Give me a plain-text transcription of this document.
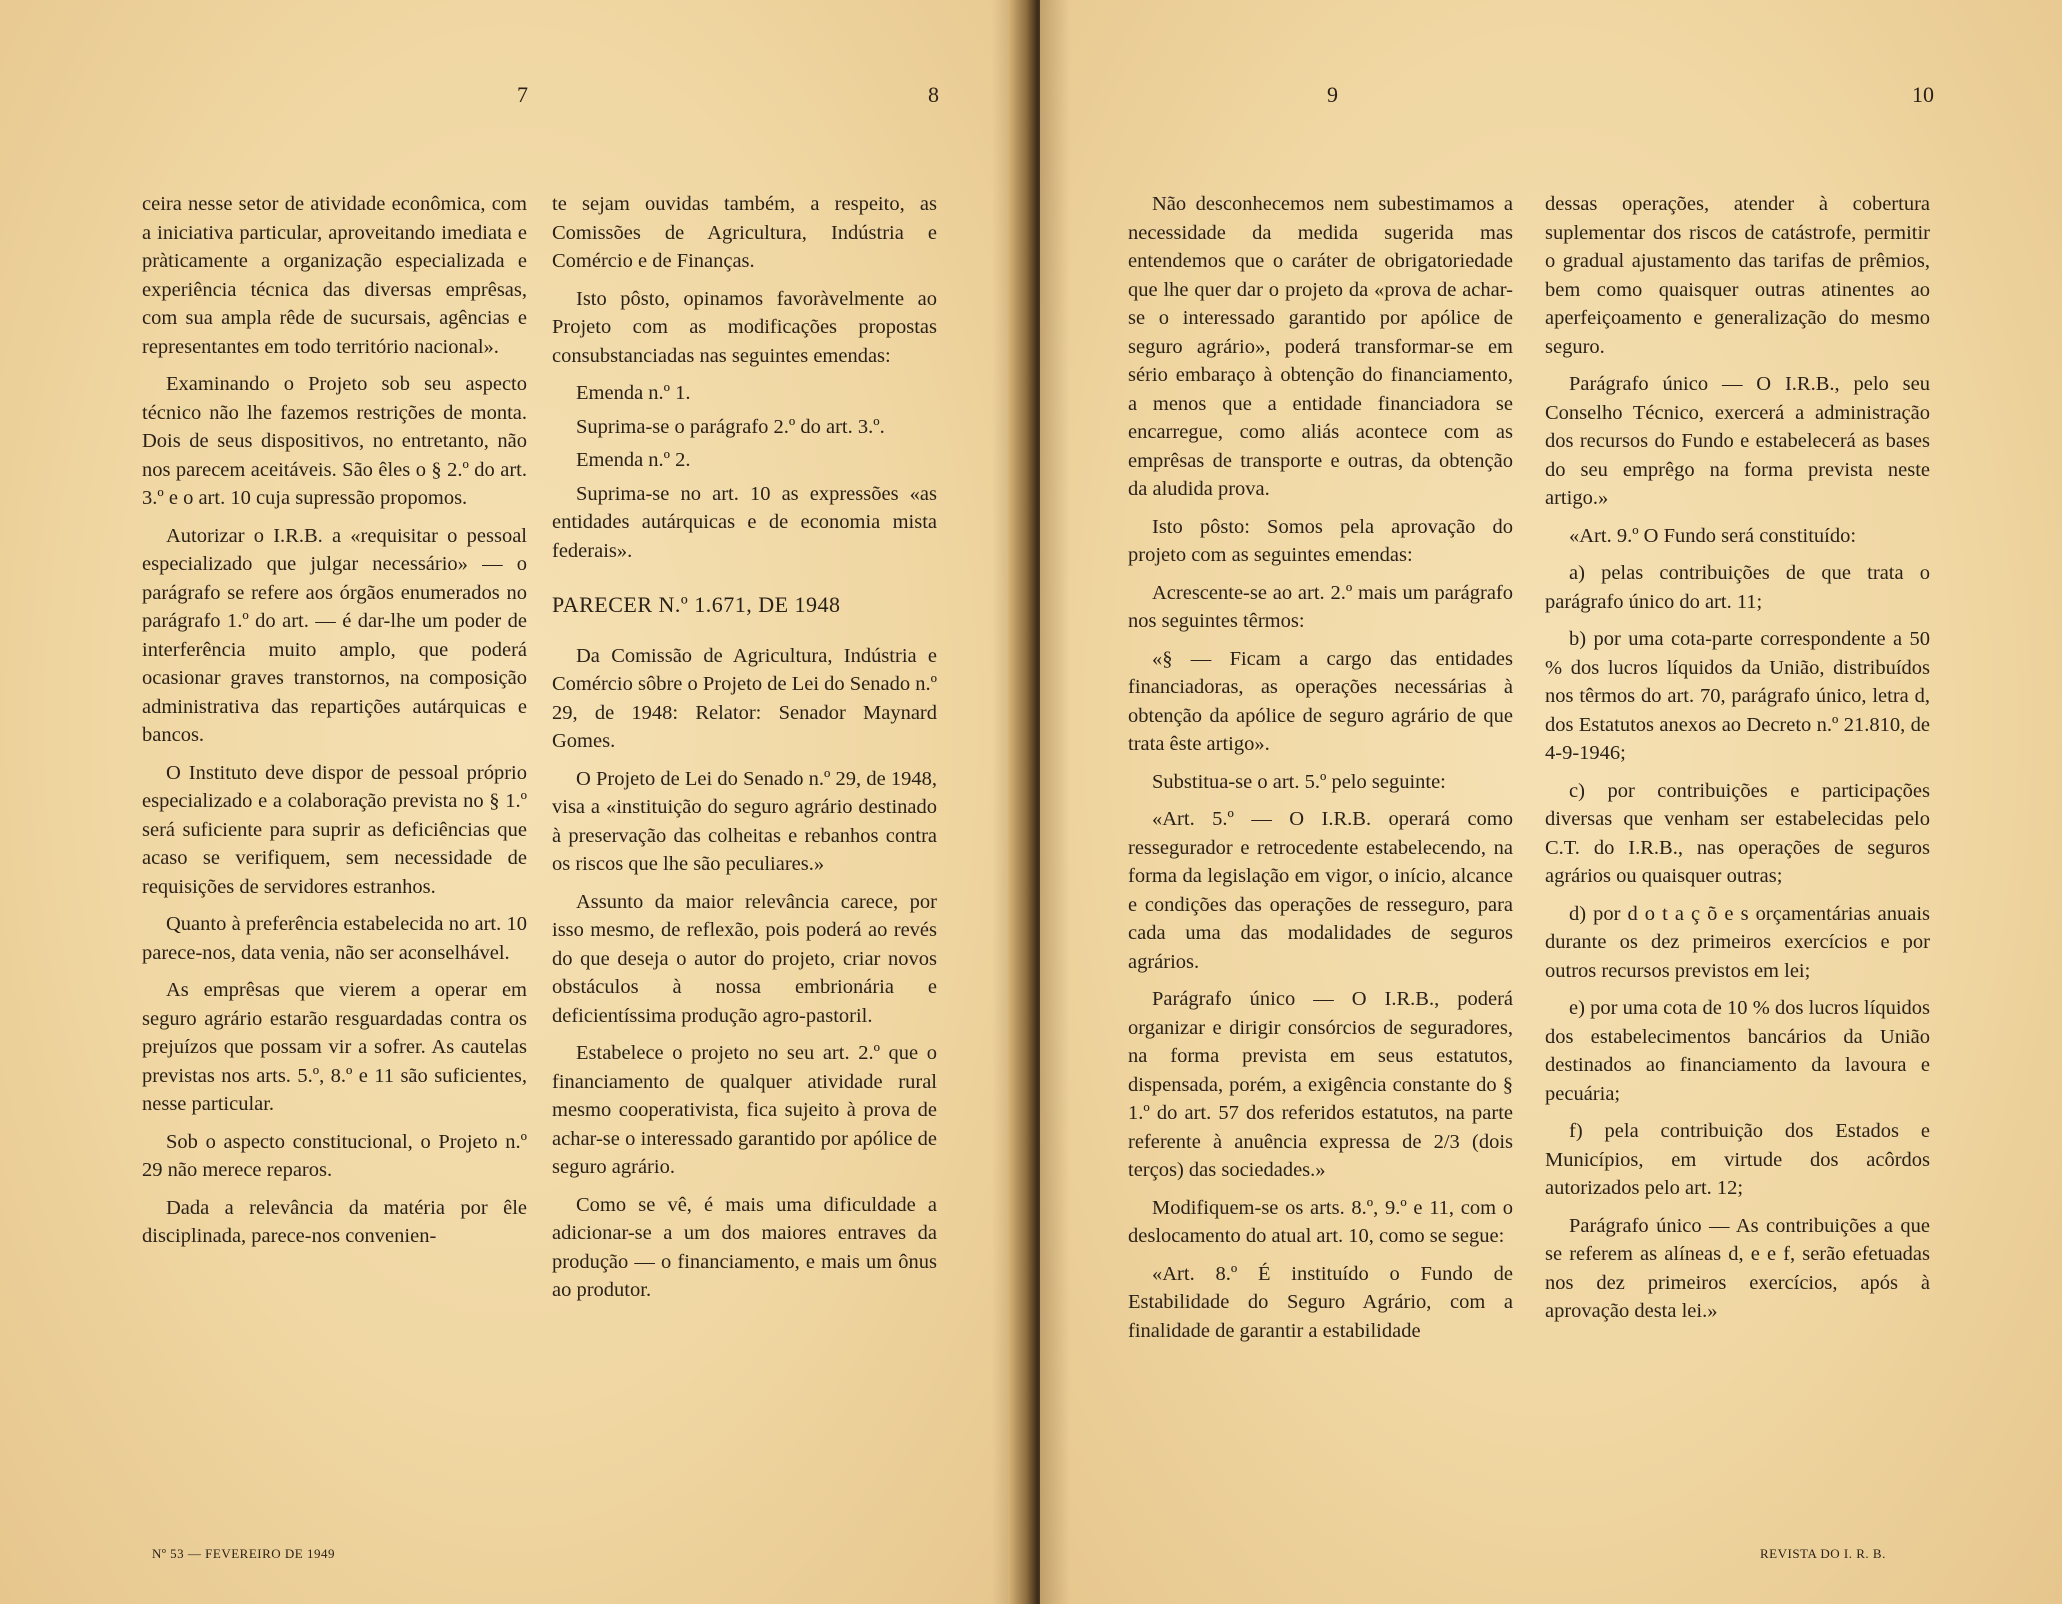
7	8

ceira nesse setor de atividade econômica, com a iniciativa particular, aproveitando imediata e pràticamente a organização especializada e experiência técnica das diversas emprêsas, com sua ampla rêde de sucursais, agências e representantes em todo território nacional».

Examinando o Projeto sob seu aspecto técnico não lhe fazemos restrições de monta. Dois de seus dispositivos, no entretanto, não nos parecem aceitáveis. São êles o § 2.º do art. 3.º e o art. 10 cuja supressão propomos.

Autorizar o I.R.B. a «requisitar o pessoal especializado que julgar necessário» — o parágrafo se refere aos órgãos enumerados no parágrafo 1.º do art. — é dar-lhe um poder de interferência muito amplo, que poderá ocasionar graves transtornos, na composição administrativa das repartições autárquicas e bancos.

O Instituto deve dispor de pessoal próprio especializado e a colaboração prevista no § 1.º será suficiente para suprir as deficiências que acaso se verifiquem, sem necessidade de requisições de servidores estranhos.

Quanto à preferência estabelecida no art. 10 parece-nos, data venia, não ser aconselhável.

As emprêsas que vierem a operar em seguro agrário estarão resguardadas contra os prejuízos que possam vir a sofrer. As cautelas previstas nos arts. 5.º, 8.º e 11 são suficientes, nesse particular.

Sob o aspecto constitucional, o Projeto n.º 29 não merece reparos.

Dada a relevância da matéria por êle disciplinada, parece-nos convenien-

te sejam ouvidas também, a respeito, as Comissões de Agricultura, Indústria e Comércio e de Finanças.

Isto pôsto, opinamos favoràvelmente ao Projeto com as modificações propostas consubstanciadas nas seguintes emendas:

Emenda n.º 1.

Suprima-se o parágrafo 2.º do art. 3.º.

Emenda n.º 2.

Suprima-se no art. 10 as expressões «as entidades autárquicas e de economia mista federais».

PARECER N.º 1.671, DE 1948

Da Comissão de Agricultura, Indústria e Comércio sôbre o Projeto de Lei do Senado n.º 29, de 1948: Relator: Senador Maynard Gomes.

O Projeto de Lei do Senado n.º 29, de 1948, visa a «instituição do seguro agrário destinado à preservação das colheitas e rebanhos contra os riscos que lhe são peculiares.»

Assunto da maior relevância carece, por isso mesmo, de reflexão, pois poderá ao revés do que deseja o autor do projeto, criar novos obstáculos à nossa embrionária e deficientíssima produção agro-pastoril.

Estabelece o projeto no seu art. 2.º que o financiamento de qualquer atividade rural mesmo cooperativista, fica sujeito à prova de achar-se o interessado garantido por apólice de seguro agrário.

Como se vê, é mais uma dificuldade a adicionar-se a um dos maiores entraves da produção — o financiamento, e mais um ônus ao produtor.

Nº 53 — FEVEREIRO DE 1949
9	10

Não desconhecemos nem subestimamos a necessidade da medida sugerida mas entendemos que o caráter de obrigatoriedade que lhe quer dar o projeto da «prova de achar-se o interessado garantido por apólice de seguro agrário», poderá transformar-se em sério embaraço à obtenção do financiamento, a menos que a entidade financiadora se encarregue, como aliás acontece com as emprêsas de transporte e outras, da obtenção da aludida prova.

Isto pôsto: Somos pela aprovação do projeto com as seguintes emendas:

Acrescente-se ao art. 2.º mais um parágrafo nos seguintes têrmos:

«§ — Ficam a cargo das entidades financiadoras, as operações necessárias à obtenção da apólice de seguro agrário de que trata êste artigo».

Substitua-se o art. 5.º pelo seguinte:

«Art. 5.º — O I.R.B. operará como ressegurador e retrocedente estabelecendo, na forma da legislação em vigor, o início, alcance e condições das operações de resseguro, para cada uma das modalidades de seguros agrários.

Parágrafo único — O I.R.B., poderá organizar e dirigir consórcios de seguradores, na forma prevista em seus estatutos, dispensada, porém, a exigência constante do § 1.º do art. 57 dos referidos estatutos, na parte referente à anuência expressa de 2/3 (dois terços) das sociedades.»

Modifiquem-se os arts. 8.º, 9.º e 11, com o deslocamento do atual art. 10, como se segue:

«Art. 8.º É instituído o Fundo de Estabilidade do Seguro Agrário, com a finalidade de garantir a estabilidade

dessas operações, atender à cobertura suplementar dos riscos de catástrofe, permitir o gradual ajustamento das tarifas de prêmios, bem como quaisquer outras atinentes ao aperfeiçoamento e generalização do mesmo seguro.

Parágrafo único — O I.R.B., pelo seu Conselho Técnico, exercerá a administração dos recursos do Fundo e estabelecerá as bases do seu emprêgo na forma prevista neste artigo.»

«Art. 9.º O Fundo será constituído:

a) pelas contribuições de que trata o parágrafo único do art. 11;

b) por uma cota-parte correspondente a 50 % dos lucros líquidos da União, distribuídos nos têrmos do art. 70, parágrafo único, letra d, dos Estatutos anexos ao Decreto n.º 21.810, de 4-9-1946;

c) por contribuições e participações diversas que venham ser estabelecidas pelo C.T. do I.R.B., nas operações de seguros agrários ou quaisquer outras;

d) por d o t a ç õ e s orçamentárias anuais durante os dez primeiros exercícios e por outros recursos previstos em lei;

e) por uma cota de 10 % dos lucros líquidos dos estabelecimentos bancários da União destinados ao financiamento da lavoura e pecuária;

f) pela contribuição dos Estados e Municípios, em virtude dos acôrdos autorizados pelo art. 12;

Parágrafo único — As contribuições a que se referem as alíneas d, e e f, serão efetuadas nos dez primeiros exercícios, após à aprovação desta lei.»

REVISTA DO I. R. B.
